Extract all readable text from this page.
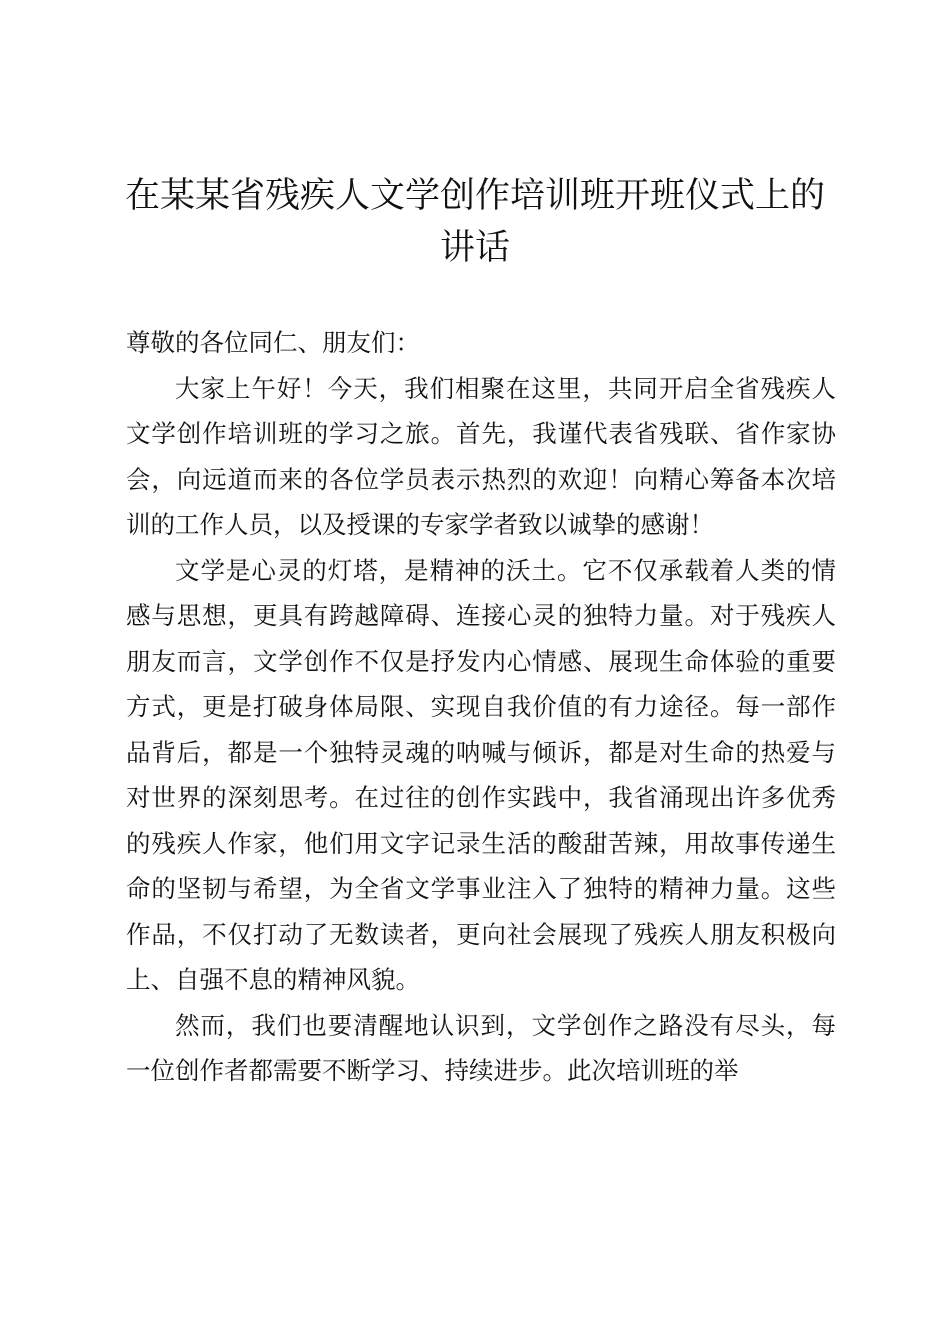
在某某省残疾人文学创作培训班开班仪式上的
讲话

尊敬的各位同仁、朋友们：

大家上午好！今天，我们相聚在这里，共同开启全省残疾人文学创作培训班的学习之旅。首先，我谨代表省残联、省作家协会，向远道而来的各位学员表示热烈的欢迎！向精心筹备本次培训的工作人员，以及授课的专家学者致以诚挚的感谢！

文学是心灵的灯塔，是精神的沃土。它不仅承载着人类的情感与思想，更具有跨越障碍、连接心灵的独特力量。对于残疾人朋友而言，文学创作不仅是抒发内心情感、展现生命体验的重要方式，更是打破身体局限、实现自我价值的有力途径。每一部作品背后，都是一个独特灵魂的呐喊与倾诉，都是对生命的热爱与对世界的深刻思考。在过往的创作实践中，我省涌现出许多优秀的残疾人作家，他们用文字记录生活的酸甜苦辣，用故事传递生命的坚韧与希望，为全省文学事业注入了独特的精神力量。这些作品，不仅打动了无数读者，更向社会展现了残疾人朋友积极向上、自强不息的精神风貌。

然而，我们也要清醒地认识到，文学创作之路没有尽头，每一位创作者都需要不断学习、持续进步。此次培训班的举
